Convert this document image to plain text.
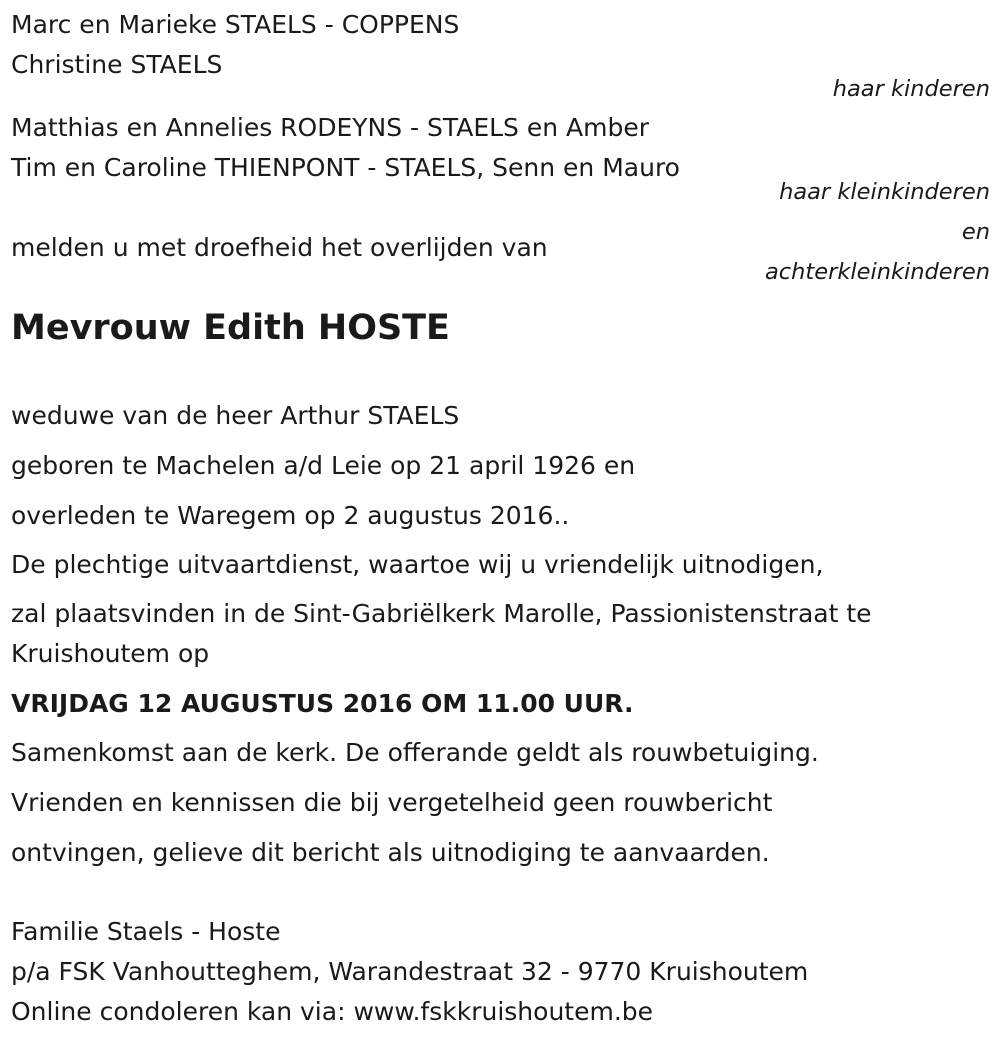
Marc en Marieke STAELS - COPPENS
Christine STAELS
haar kinderen
Matthias en Annelies RODEYNS - STAELS en Amber
Tim en Caroline THIENPONT - STAELS, Senn en Mauro
haar kleinkinderen
en
achterkleinkinderen
melden u met droefheid het overlijden van
Mevrouw Edith HOSTE
weduwe van de heer Arthur STAELS
geboren te Machelen a/d Leie op 21 april 1926 en
overleden te Waregem op 2 augustus 2016..
De plechtige uitvaartdienst, waartoe wij u vriendelijk uitnodigen,
zal plaatsvinden in de Sint-Gabriëlkerk Marolle, Passionistenstraat te
Kruishoutem op
VRIJDAG 12 AUGUSTUS 2016 OM 11.00 UUR.
Samenkomst aan de kerk. De offerande geldt als rouwbetuiging.
Vrienden en kennissen die bij vergetelheid geen rouwbericht
ontvingen, gelieve dit bericht als uitnodiging te aanvaarden.
Familie Staels - Hoste
p/a FSK Vanhoutteghem, Warandestraat 32 - 9770 Kruishoutem
Online condoleren kan via: www.fskkruishoutem.be
